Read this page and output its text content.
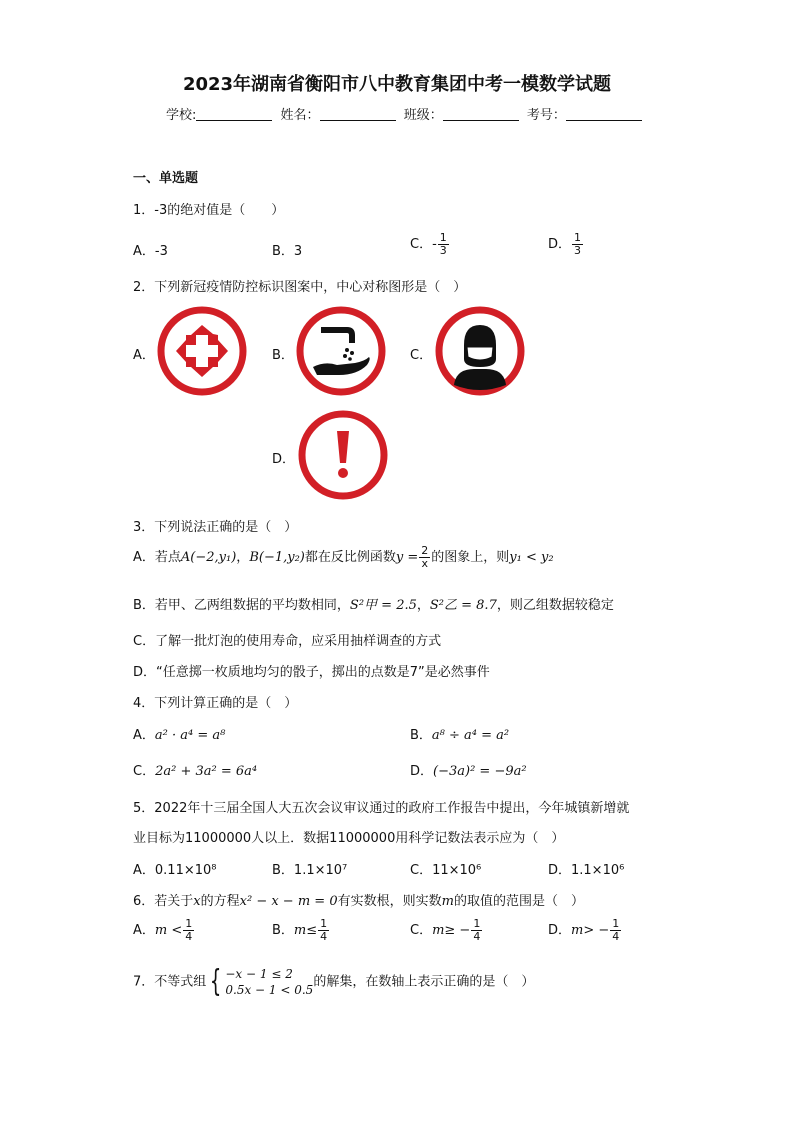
2023年湖南省衡阳市八中教育集团中考一模数学试题
学校:	姓名：	班级：	考号：
一、单选题
1．-3的绝对值是（　　）
A．-3	B．3	C．- $\frac{1}{3}$	D． $\frac{1}{3}$
2．下列新冠疫情防控标识图案中，中心对称图形是（　）
A．	B．	C．
D．
3．下列说法正确的是（　）
A．若点A(−2,y₁)，B(−1,y₂)都在反比例函数$y = \frac{2}{x}$ 的图象上，则y₁ < y₂
B．若甲、乙两组数据的平均数相同，S²甲 = 2.5，S²乙 = 8.7，则乙组数据较稳定
C．了解一批灯泡的使用寿命，应采用抽样调查的方式
D．“任意掷一枚质地均匀的骰子，掷出的点数是7”是必然事件
4．下列计算正确的是（　）
A．a² · a⁴ = a⁸	B．a⁸ ÷ a⁴ = a²
C．2a² + 3a² = 6a⁴	D．(−3a)² = −9a²
5．2022年十三届全国人大五次会议审议通过的政府工作报告中提出，今年城镇新增就
业目标为11000000人以上．数据11000000用科学记数法表示应为（　）
A．0.11×10⁸	B．1.1×10⁷	C．11×10⁶	D．1.1×10⁶
6．若关于x的方程x² − x − m = 0有实数根，则实数m的取值的范围是（　）
A．$m < \frac{1}{4}$	B．$m\le \frac{1}{4}$	C．$m\ge - \frac{1}{4}$	D．$m> - \frac{1}{4}$
7．不等式组 { −x − 1 ≤ 2
0.5x − 1 < 0.5
的解集，在数轴上表示正确的是（　）
